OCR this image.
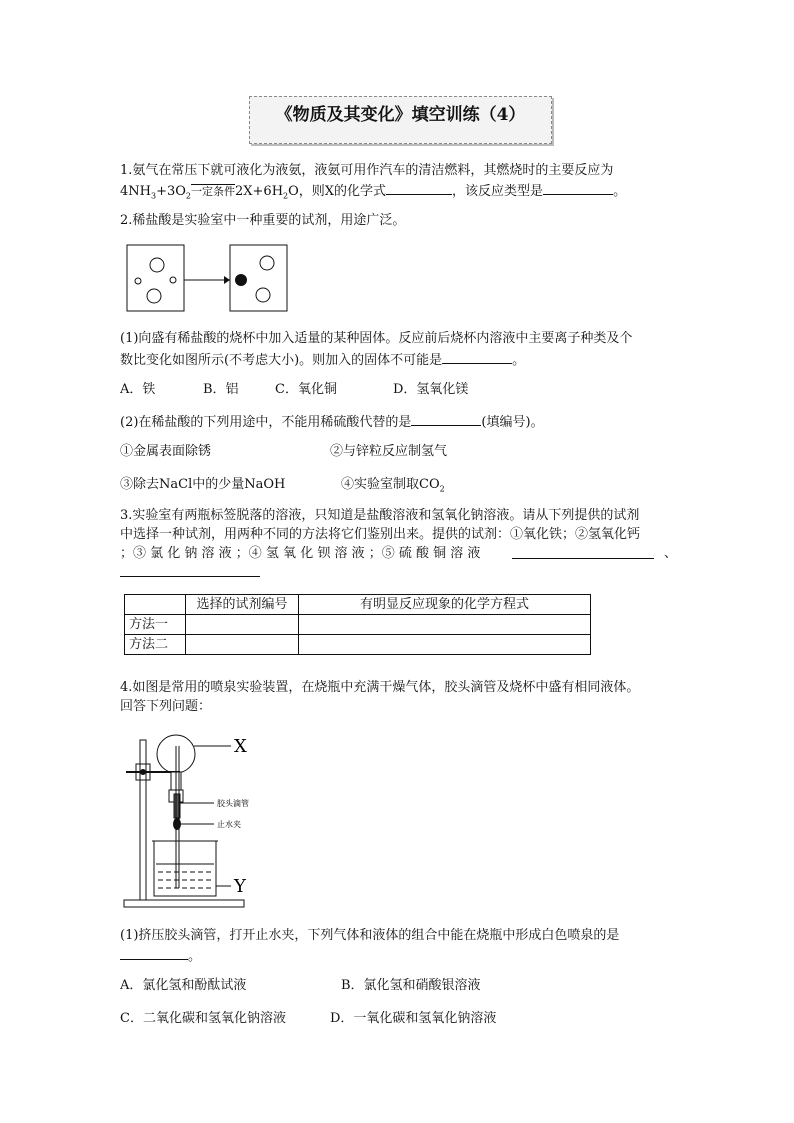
《物质及其变化》填空训练（4）
1.氨气在常压下就可液化为液氨，液氨可用作汽车的清洁燃料，其燃烧时的主要反应为
$4NH_3+3O_2$一定条件$2X+6H_2O$，则X的化学式	，该反应类型是	。
2.稀盐酸是实验室中一种重要的试剂，用途广泛。
(1)向盛有稀盐酸的烧杯中加入适量的某种固体。反应前后烧杯内溶液中主要离子种类及个
数比变化如图所示(不考虑大小)。则加入的固体不可能是	。
A．铁	B．铝	C．氧化铜	D．氢氧化镁
(2)在稀盐酸的下列用途中，不能用稀硫酸代替的是	(填编号)。
①金属表面除锈	②与锌粒反应制氢气
③除去NaCl中的少量NaOH	④实验室制取$CO_2$
3.实验室有两瓶标签脱落的溶液，只知道是盐酸溶液和氢氧化钠溶液。请从下列提供的试剂
中选择一种试剂，用两种不同的方法将它们鉴别出来。提供的试剂：①氧化铁；②氢氧化钙
；③ 氯 化 钠 溶 液 ；④ 氢 氧 化 钡 溶 液 ；⑤ 硫 酸 铜 溶 液	、
	选择的试剂编号	有明显反应现象的化学方程式
方法一		
方法二		
4.如图是常用的喷泉实验装置，在烧瓶中充满干燥气体，胶头滴管及烧杯中盛有相同液体。
回答下列问题：
X
胶头滴管
止水夹
Y
(1)挤压胶头滴管，打开止水夹，下列气体和液体的组合中能在烧瓶中形成白色喷泉的是
。
A．氯化氢和酚酞试液	B．氯化氢和硝酸银溶液
C．二氧化碳和氢氧化钠溶液	D．一氧化碳和氢氧化钠溶液
